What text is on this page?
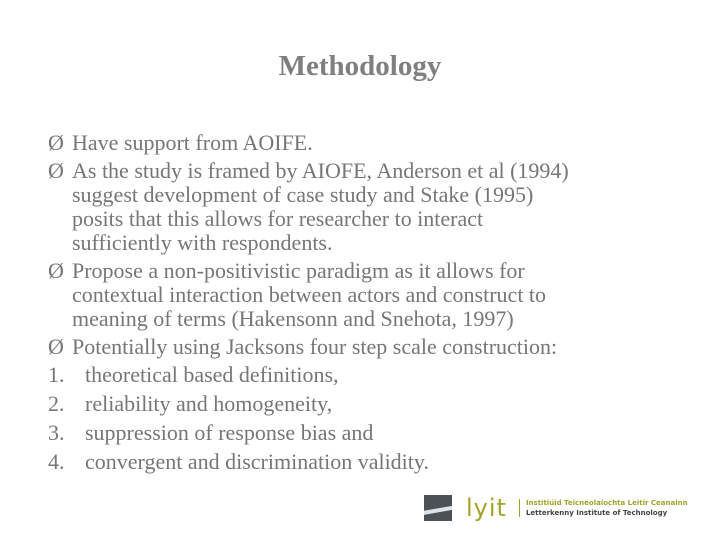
Methodology
Ø Have support from AOIFE.
Ø As the study is framed by AIOFE, Anderson et al (1994)
suggest development of case study and Stake (1995)
posits that this allows for researcher to interact
sufficiently with respondents.
Ø Propose a non-positivistic paradigm as it allows for
contextual interaction between actors and construct to
meaning of terms (Hakensonn and Snehota, 1997)
Ø Potentially using Jacksons four step scale construction:
1. theoretical based definitions,
2. reliability and homogeneity,
3. suppression of response bias and
4. convergent and discrimination validity.
lyit	Institiúid Teicneolaíochta Leitir Ceanainn
Letterkenny Institute of Technology
